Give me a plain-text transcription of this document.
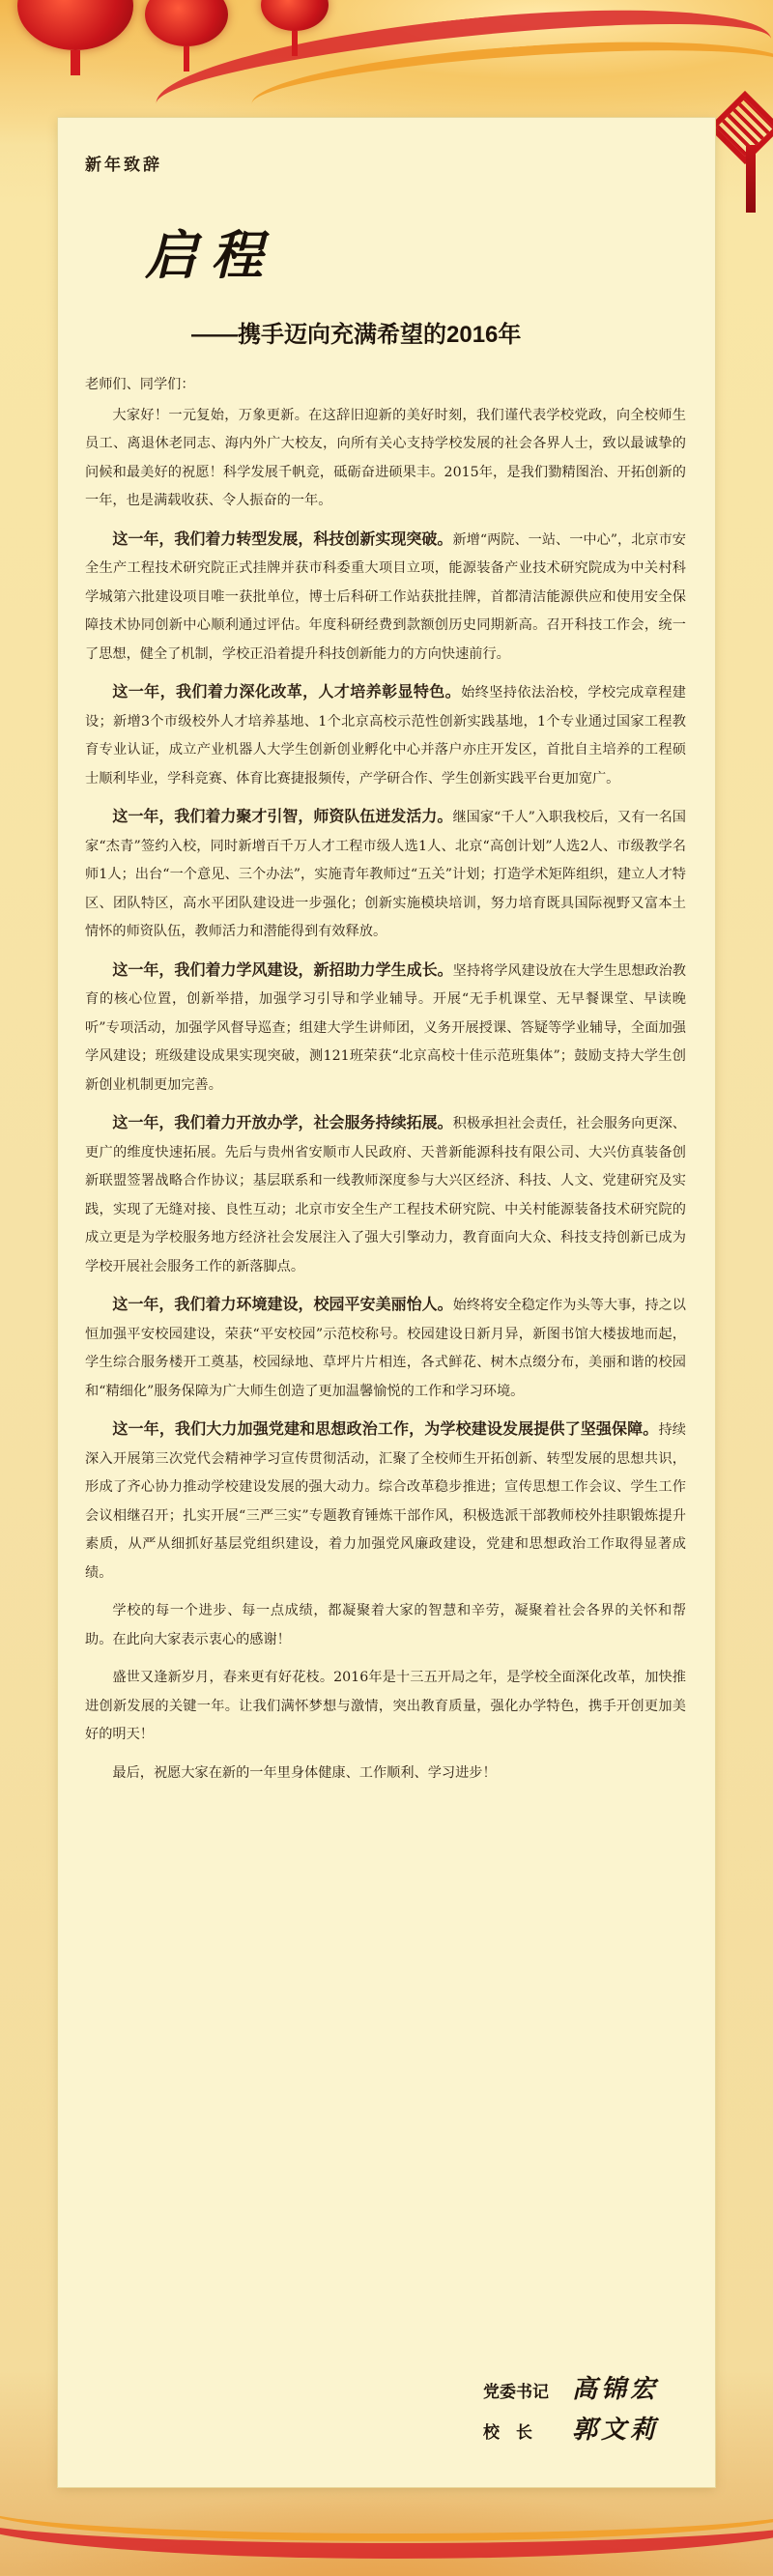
新年致辞
启程
——携手迈向充满希望的2016年
老师们、同学们：

大家好！一元复始，万象更新。在这辞旧迎新的美好时刻，我们谨代表学校党政，向全校师生员工、离退休老同志、海内外广大校友，向所有关心支持学校发展的社会各界人士，致以最诚挚的问候和最美好的祝愿！科学发展千帆竞，砥砺奋进硕果丰。2015年，是我们勠精图治、开拓创新的一年，也是满载收获、令人振奋的一年。

这一年，我们着力转型发展，科技创新实现突破。新增“两院、一站、一中心”，北京市安全生产工程技术研究院正式挂牌并获市科委重大项目立项，能源装备产业技术研究院成为中关村科学城第六批建设项目唯一获批单位，博士后科研工作站获批挂牌，首都清洁能源供应和使用安全保障技术协同创新中心顺利通过评估。年度科研经费到款额创历史同期新高。召开科技工作会，统一了思想，健全了机制，学校正沿着提升科技创新能力的方向快速前行。

这一年，我们着力深化改革，人才培养彰显特色。始终坚持依法治校，学校完成章程建设；新增3个市级校外人才培养基地、1个北京高校示范性创新实践基地，1个专业通过国家工程教育专业认证，成立产业机器人大学生创新创业孵化中心并落户亦庄开发区，首批自主培养的工程硕士顺利毕业，学科竞赛、体育比赛捷报频传，产学研合作、学生创新实践平台更加宽广。

这一年，我们着力聚才引智，师资队伍迸发活力。继国家“千人”入职我校后，又有一名国家“杰青”签约入校，同时新增百千万人才工程市级人选1人、北京“高创计划”人选2人、市级教学名师1人；出台“一个意见、三个办法”，实施青年教师过“五关”计划；打造学术矩阵组织，建立人才特区、团队特区，高水平团队建设进一步强化；创新实施模块培训，努力培育既具国际视野又富本土情怀的师资队伍，教师活力和潜能得到有效释放。

这一年，我们着力学风建设，新招助力学生成长。坚持将学风建设放在大学生思想政治教育的核心位置，创新举措，加强学习引导和学业辅导。开展“无手机课堂、无早餐课堂、早读晚听”专项活动，加强学风督导巡查；组建大学生讲师团，义务开展授课、答疑等学业辅导，全面加强学风建设；班级建设成果实现突破，测121班荣获“北京高校十佳示范班集体”；鼓励支持大学生创新创业机制更加完善。

这一年，我们着力开放办学，社会服务持续拓展。积极承担社会责任，社会服务向更深、更广的维度快速拓展。先后与贵州省安顺市人民政府、天普新能源科技有限公司、大兴仿真装备创新联盟签署战略合作协议；基层联系和一线教师深度参与大兴区经济、科技、人文、党建研究及实践，实现了无缝对接、良性互动；北京市安全生产工程技术研究院、中关村能源装备技术研究院的成立更是为学校服务地方经济社会发展注入了强大引擎动力，教育面向大众、科技支持创新已成为学校开展社会服务工作的新落脚点。

这一年，我们着力环境建设，校园平安美丽怡人。始终将安全稳定作为头等大事，持之以恒加强平安校园建设，荣获“平安校园”示范校称号。校园建设日新月异，新图书馆大楼拔地而起，学生综合服务楼开工奠基，校园绿地、草坪片片相连，各式鲜花、树木点缀分布，美丽和谐的校园和“精细化”服务保障为广大师生创造了更加温馨愉悦的工作和学习环境。

这一年，我们大力加强党建和思想政治工作，为学校建设发展提供了坚强保障。持续深入开展第三次党代会精神学习宣传贯彻活动，汇聚了全校师生开拓创新、转型发展的思想共识，形成了齐心协力推动学校建设发展的强大动力。综合改革稳步推进；宣传思想工作会议、学生工作会议相继召开；扎实开展“三严三实”专题教育锤炼干部作风，积极选派干部教师校外挂职锻炼提升素质，从严从细抓好基层党组织建设，着力加强党风廉政建设，党建和思想政治工作取得显著成绩。

学校的每一个进步、每一点成绩，都凝聚着大家的智慧和辛劳，凝聚着社会各界的关怀和帮助。在此向大家表示衷心的感谢！

盛世又逢新岁月，春来更有好花枝。2016年是十三五开局之年，是学校全面深化改革，加快推进创新发展的关键一年。让我们满怀梦想与激情，突出教育质量，强化办学特色，携手开创更加美好的明天！

最后，祝愿大家在新的一年里身体健康、工作顺利、学习进步！

党委书记 高锦宏
校　长	郭文莉
